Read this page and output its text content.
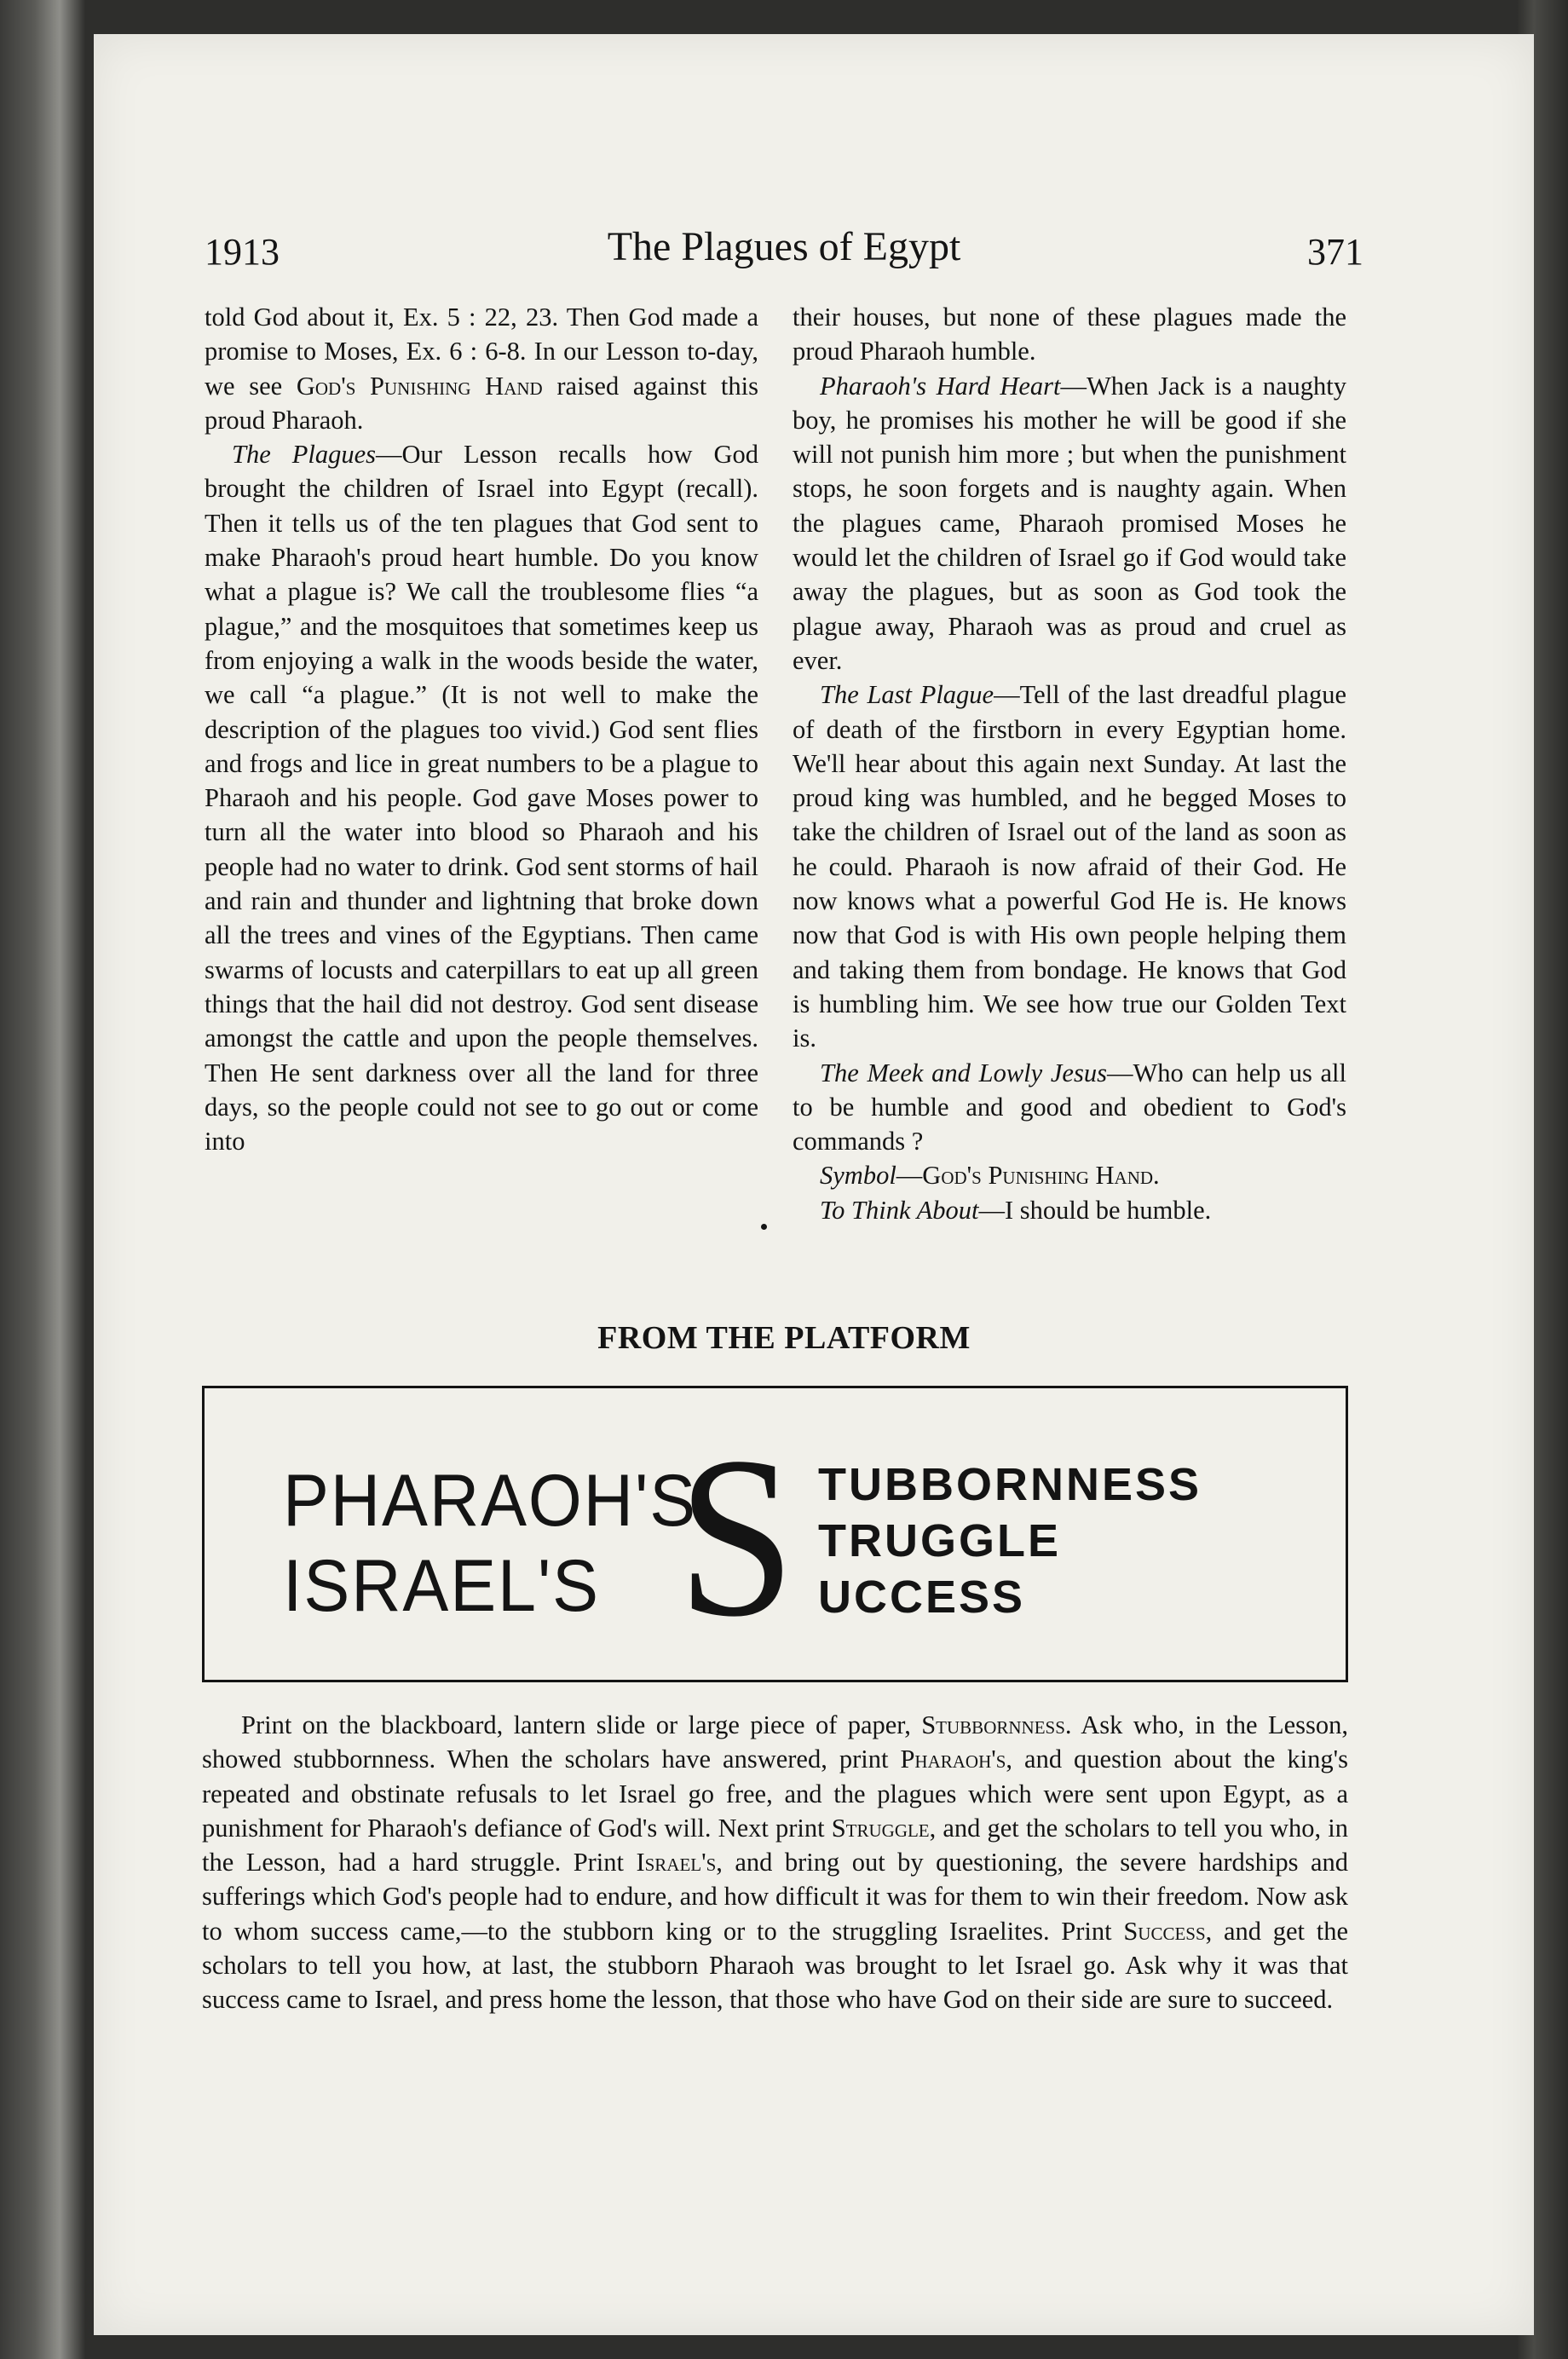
1913	The Plagues of Egypt	371

told God about it, Ex. 5 : 22, 23. Then God made a promise to Moses, Ex. 6 : 6-8. In our Lesson to-day, we see God's Punishing Hand raised against this proud Pharaoh.

The Plagues—Our Lesson recalls how God brought the children of Israel into Egypt (recall). Then it tells us of the ten plagues that God sent to make Pharaoh's proud heart humble. Do you know what a plague is? We call the troublesome flies “a plague,” and the mosquitoes that sometimes keep us from enjoying a walk in the woods beside the water, we call “a plague.” (It is not well to make the description of the plagues too vivid.) God sent flies and frogs and lice in great numbers to be a plague to Pharaoh and his people. God gave Moses power to turn all the water into blood so Pharaoh and his people had no water to drink. God sent storms of hail and rain and thunder and lightning that broke down all the trees and vines of the Egyptians. Then came swarms of locusts and caterpillars to eat up all green things that the hail did not destroy. God sent disease amongst the cattle and upon the people themselves. Then He sent darkness over all the land for three days, so the people could not see to go out or come into

their houses, but none of these plagues made the proud Pharaoh humble.

Pharaoh's Hard Heart—When Jack is a naughty boy, he promises his mother he will be good if she will not punish him more ; but when the punishment stops, he soon forgets and is naughty again. When the plagues came, Pharaoh promised Moses he would let the children of Israel go if God would take away the plagues, but as soon as God took the plague away, Pharaoh was as proud and cruel as ever.

The Last Plague—Tell of the last dreadful plague of death of the firstborn in every Egyptian home. We'll hear about this again next Sunday. At last the proud king was humbled, and he begged Moses to take the children of Israel out of the land as soon as he could. Pharaoh is now afraid of their God. He now knows what a powerful God He is. He knows now that God is with His own people helping them and taking them from bondage. He knows that God is humbling him. We see how true our Golden Text is.

The Meek and Lowly Jesus—Who can help us all to be humble and good and obedient to God's commands ?

Symbol—God's Punishing Hand.

To Think About—I should be humble.

FROM THE PLATFORM
PHARAOH'S
ISRAEL'S S TUBBORNNESS
TRUGGLE
UCCESS
Print on the blackboard, lantern slide or large piece of paper, Stubbornness. Ask who, in the Lesson, showed stubbornness. When the scholars have answered, print Pharaoh's, and question about the king's repeated and obstinate refusals to let Israel go free, and the plagues which were sent upon Egypt, as a punishment for Pharaoh's defiance of God's will. Next print Struggle, and get the scholars to tell you who, in the Lesson, had a hard struggle. Print Israel's, and bring out by questioning, the severe hardships and sufferings which God's people had to endure, and how difficult it was for them to win their freedom. Now ask to whom success came,—to the stubborn king or to the struggling Israelites. Print Success, and get the scholars to tell you how, at last, the stubborn Pharaoh was brought to let Israel go. Ask why it was that success came to Israel, and press home the lesson, that those who have God on their side are sure to succeed.
